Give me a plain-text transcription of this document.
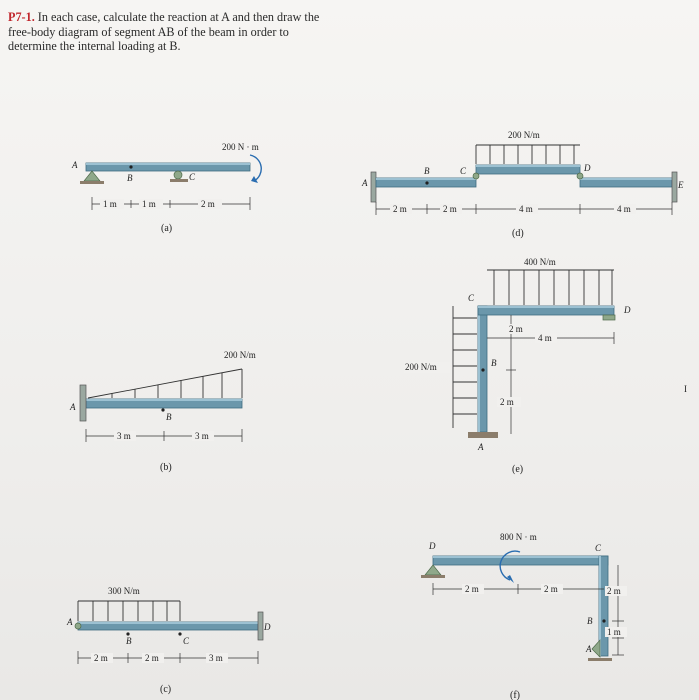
P7-1. In each case, calculate the reaction at A and then draw the free-body diagram of segment AB of the beam in order to determine the internal loading at B.
200 N · m
A
B	C
1 m	1 m	2 m
(a)
200 N/m
A
B
3 m	3 m
(b)
300 N/m
A
B	C
D
2 m	2 m	3 m
(c)
200 N/m
A
B	C	D
E
2 m	2 m	4 m	4 m
(d)
400 N/m
200 N/m
A
B
C
D
2 m
4 m
2 m
(e)
800 N · m
A
B
C
D
2 m	2 m	2 m
1 m
(f)
I
